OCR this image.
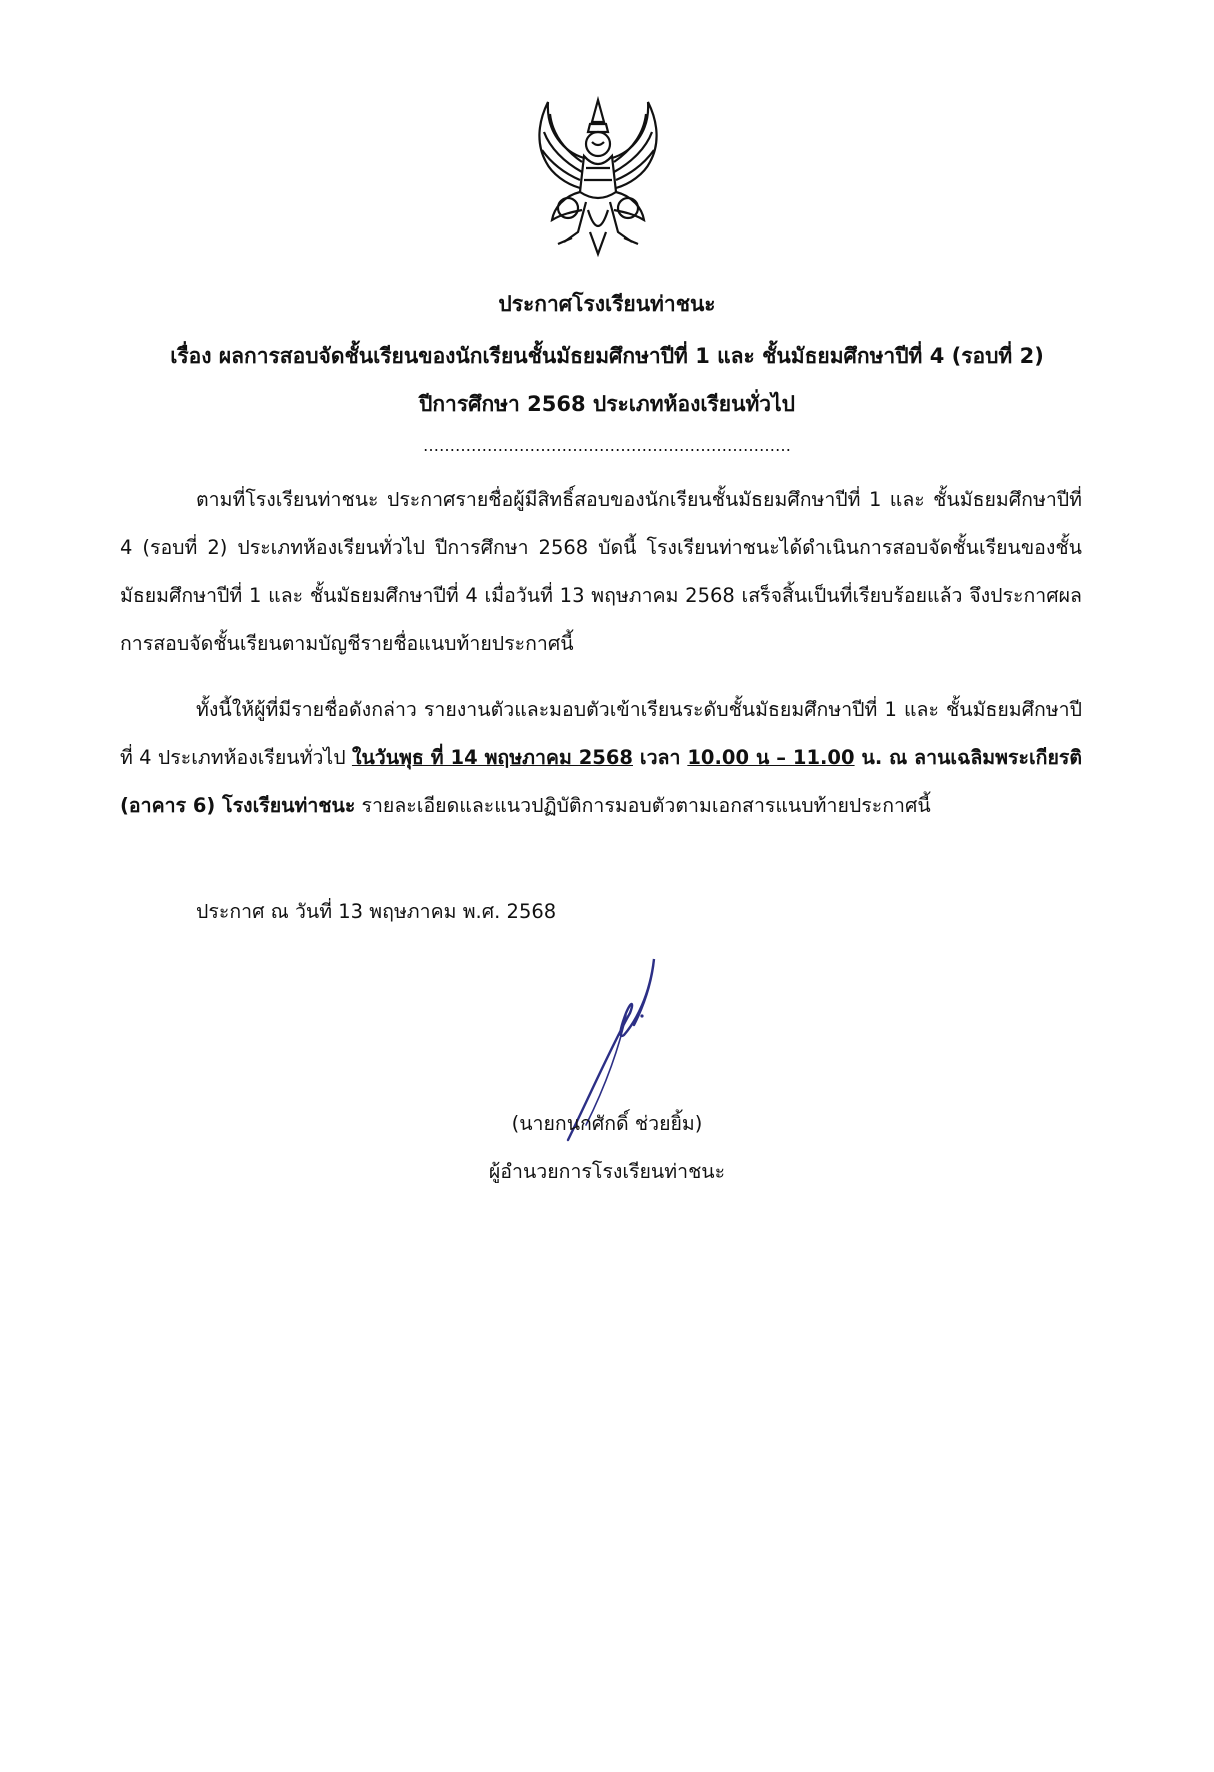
ประกาศโรงเรียนท่าชนะ
เรื่อง ผลการสอบจัดชั้นเรียนของนักเรียนชั้นมัธยมศึกษาปีที่ 1 และ ชั้นมัธยมศึกษาปีที่ 4 (รอบที่ 2)
ปีการศึกษา 2568 ประเภทห้องเรียนทั่วไป
……………………………………………………………
ตามที่โรงเรียนท่าชนะ ประกาศรายชื่อผู้มีสิทธิ์สอบของนักเรียนชั้นมัธยมศึกษาปีที่ 1 และ ชั้นมัธยมศึกษาปีที่ 4 (รอบที่ 2) ประเภทห้องเรียนทั่วไป ปีการศึกษา 2568 บัดนี้ โรงเรียนท่าชนะได้ดำเนินการสอบจัดชั้นเรียนของชั้นมัธยมศึกษาปีที่ 1 และ ชั้นมัธยมศึกษาปีที่ 4 เมื่อวันที่ 13 พฤษภาคม 2568 เสร็จสิ้นเป็นที่เรียบร้อยแล้ว จึงประกาศผลการสอบจัดชั้นเรียนตามบัญชีรายชื่อแนบท้ายประกาศนี้
ทั้งนี้ให้ผู้ที่มีรายชื่อดังกล่าว รายงานตัวและมอบตัวเข้าเรียนระดับชั้นมัธยมศึกษาปีที่ 1 และ ชั้นมัธยมศึกษาปีที่ 4 ประเภทห้องเรียนทั่วไป ในวันพุธ ที่ 14 พฤษภาคม 2568 เวลา 10.00 น – 11.00 น. ณ ลานเฉลิมพระเกียรติ (อาคาร 6) โรงเรียนท่าชนะ รายละเอียดและแนวปฏิบัติการมอบตัวตามเอกสารแนบท้ายประกาศนี้
ประกาศ ณ วันที่ 13 พฤษภาคม พ.ศ. 2568
(นายกนกศักดิ์ ช่วยยิ้ม)
ผู้อำนวยการโรงเรียนท่าชนะ
